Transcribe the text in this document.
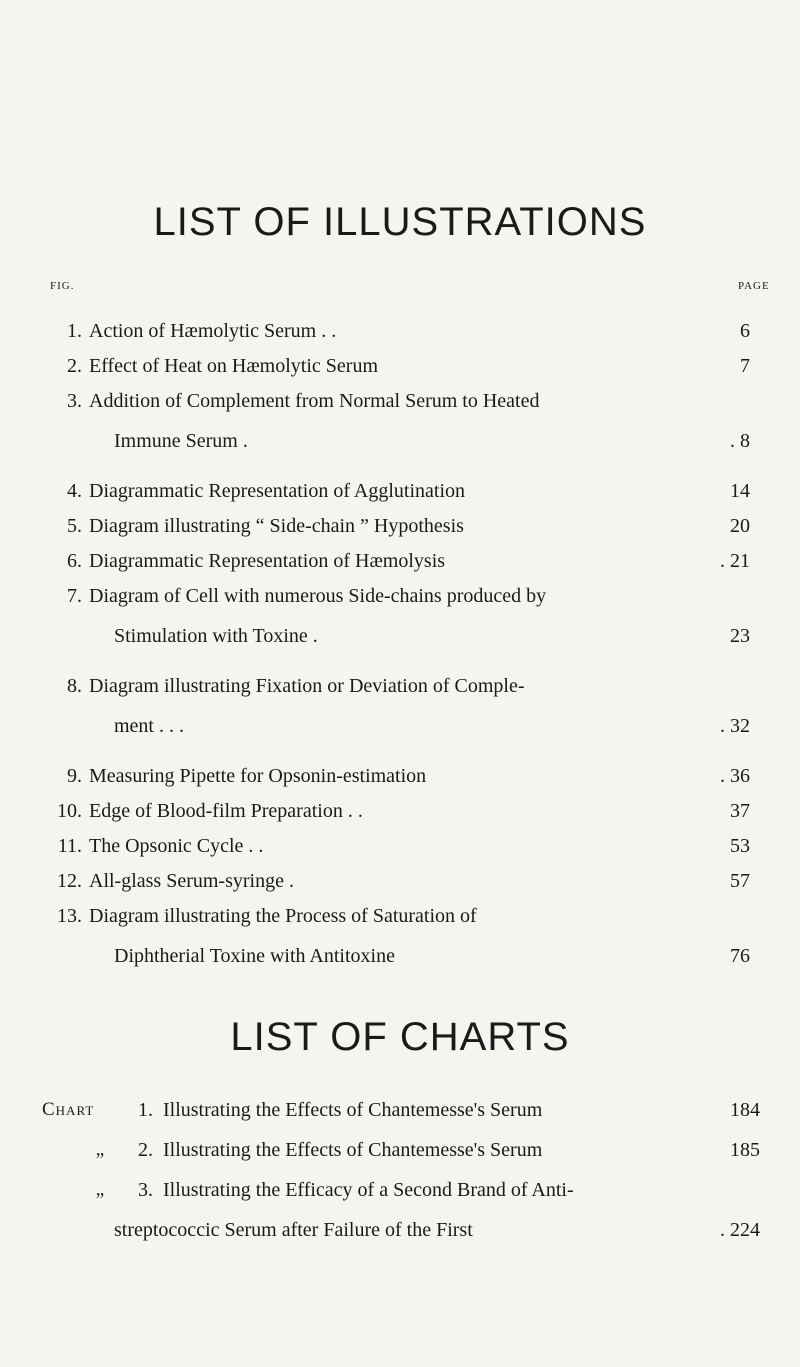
LIST OF ILLUSTRATIONS
FIG.	PAGE
1. Action of Hæmolytic Serum . .	6
2. Effect of Heat on Hæmolytic Serum	7
3. Addition of Complement from Normal Serum to Heated
Immune Serum .	. 8
4. Diagrammatic Representation of Agglutination	14
5. Diagram illustrating “ Side-chain ” Hypothesis	20
6. Diagrammatic Representation of Hæmolysis	. 21
7. Diagram of Cell with numerous Side-chains produced by
Stimulation with Toxine .	23
8. Diagram illustrating Fixation or Deviation of Comple-
ment . . .	. 32
9. Measuring Pipette for Opsonin-estimation	. 36
10. Edge of Blood-film Preparation . .	37
11. The Opsonic Cycle . .	53
12. All-glass Serum-syringe .	57
13. Diagram illustrating the Process of Saturation of
Diphtherial Toxine with Antitoxine	76
LIST OF CHARTS
Chart 1. Illustrating the Effects of Chantemesse's Serum	184
„	2. Illustrating the Effects of Chantemesse's Serum	185
„	3. Illustrating the Efficacy of a Second Brand of Anti-
streptococcic Serum after Failure of the First	. 224
